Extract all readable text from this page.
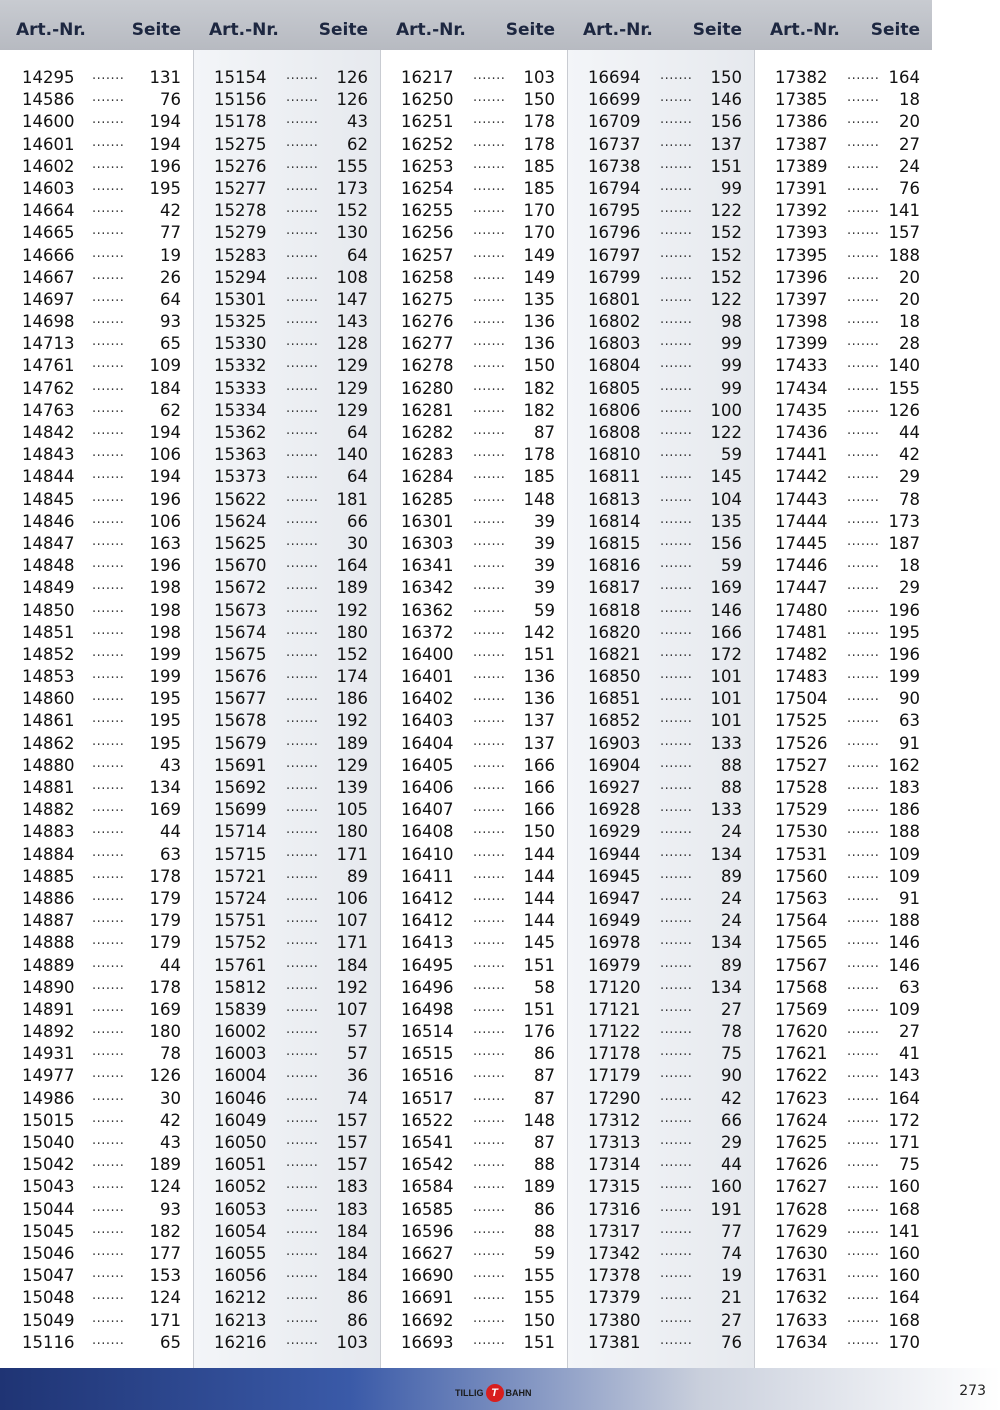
Art.-Nr.	Seite Art.-Nr. Seite Art.-Nr. Seite Art.-Nr. Seite Art.-Nr. Seite
14295 ....... 131
14586 ....... 76
14600 ....... 194
14601 ....... 194
14602 ....... 196
14603 ....... 195
14664 ....... 42
14665 ....... 77
14666 ....... 19
14667 ....... 26
14697 ....... 64
14698 ....... 93
14713 ....... 65
14761 ....... 109
14762 ....... 184
14763 ....... 62
14842 ....... 194
14843 ....... 106
14844 ....... 194
14845 ....... 196
14846 ....... 106
14847 ....... 163
14848 ....... 196
14849 ....... 198
14850 ....... 198
14851 ....... 198
14852 ....... 199
14853 ....... 199
14860 ....... 195
14861 ....... 195
14862 ....... 195
14880 ....... 43
14881 ....... 134
14882 ....... 169
14883 ....... 44
14884 ....... 63
14885 ....... 178
14886 ....... 179
14887 ....... 179
14888 ....... 179
14889 ....... 44
14890 ....... 178
14891 ....... 169
14892 ....... 180
14931 ....... 78
14977 ....... 126
14986 ....... 30
15015 ....... 42
15040 ....... 43
15042 ....... 189
15043 ....... 124
15044 ....... 93
15045 ....... 182
15046 ....... 177
15047 ....... 153
15048 ....... 124
15049 ....... 171
15116 ....... 65
15154 ....... 126
15156 ....... 126
15178 ....... 43
15275 ....... 62
15276 ....... 155
15277 ....... 173
15278 ....... 152
15279 ....... 130
15283 ....... 64
15294 ....... 108
15301 ....... 147
15325 ....... 143
15330 ....... 128
15332 ....... 129
15333 ....... 129
15334 ....... 129
15362 ....... 64
15363 ....... 140
15373 ....... 64
15622 ....... 181
15624 ....... 66
15625 ....... 30
15670 ....... 164
15672 ....... 189
15673 ....... 192
15674 ....... 180
15675 ....... 152
15676 ....... 174
15677 ....... 186
15678 ....... 192
15679 ....... 189
15691 ....... 129
15692 ....... 139
15699 ....... 105
15714 ....... 180
15715 ....... 171
15721 ....... 89
15724 ....... 106
15751 ....... 107
15752 ....... 171
15761 ....... 184
15812 ....... 192
15839 ....... 107
16002 ....... 57
16003 ....... 57
16004 ....... 36
16046 ....... 74
16049 ....... 157
16050 ....... 157
16051 ....... 157
16052 ....... 183
16053 ....... 183
16054 ....... 184
16055 ....... 184
16056 ....... 184
16212 ....... 86
16213 ....... 86
16216 ....... 103
16217 ....... 103
16250 ....... 150
16251 ....... 178
16252 ....... 178
16253 ....... 185
16254 ....... 185
16255 ....... 170
16256 ....... 170
16257 ....... 149
16258 ....... 149
16275 ....... 135
16276 ....... 136
16277 ....... 136
16278 ....... 150
16280 ....... 182
16281 ....... 182
16282 ....... 87
16283 ....... 178
16284 ....... 185
16285 ....... 148
16301 ....... 39
16303 ....... 39
16341 ....... 39
16342 ....... 39
16362 ....... 59
16372 ....... 142
16400 ....... 151
16401 ....... 136
16402 ....... 136
16403 ....... 137
16404 ....... 137
16405 ....... 166
16406 ....... 166
16407 ....... 166
16408 ....... 150
16410 ....... 144
16411 ....... 144
16412 ....... 144
16412 ....... 144
16413 ....... 145
16495 ....... 151
16496 ....... 58
16498 ....... 151
16514 ....... 176
16515 ....... 86
16516 ....... 87
16517 ....... 87
16522 ....... 148
16541 ....... 87
16542 ....... 88
16584 ....... 189
16585 ....... 86
16596 ....... 88
16627 ....... 59
16690 ....... 155
16691 ....... 155
16692 ....... 150
16693 ....... 151
16694 ....... 150
16699 ....... 146
16709 ....... 156
16737 ....... 137
16738 ....... 151
16794 ....... 99
16795 ....... 122
16796 ....... 152
16797 ....... 152
16799 ....... 152
16801 ....... 122
16802 ....... 98
16803 ....... 99
16804 ....... 99
16805 ....... 99
16806 ....... 100
16808 ....... 122
16810 ....... 59
16811 ....... 145
16813 ....... 104
16814 ....... 135
16815 ....... 156
16816 ....... 59
16817 ....... 169
16818 ....... 146
16820 ....... 166
16821 ....... 172
16850 ....... 101
16851 ....... 101
16852 ....... 101
16903 ....... 133
16904 ....... 88
16927 ....... 88
16928 ....... 133
16929 ....... 24
16944 ....... 134
16945 ....... 89
16947 ....... 24
16949 ....... 24
16978 ....... 134
16979 ....... 89
17120 ....... 134
17121 ....... 27
17122 ....... 78
17178 ....... 75
17179 ....... 90
17290 ....... 42
17312 ....... 66
17313 ....... 29
17314 ....... 44
17315 ....... 160
17316 ....... 191
17317 ....... 77
17342 ....... 74
17378 ....... 19
17379 ....... 21
17380 ....... 27
17381 ....... 76
17382 ....... 164
17385 ....... 18
17386 ....... 20
17387 ....... 27
17389 ....... 24
17391 ....... 76
17392 ....... 141
17393 ....... 157
17395 ....... 188
17396 ....... 20
17397 ....... 20
17398 ....... 18
17399 ....... 28
17433 ....... 140
17434 ....... 155
17435 ....... 126
17436 ....... 44
17441 ....... 42
17442 ....... 29
17443 ....... 78
17444 ....... 173
17445 ....... 187
17446 ....... 18
17447 ....... 29
17480 ....... 196
17481 ....... 195
17482 ....... 196
17483 ....... 199
17504 ....... 90
17525 ....... 63
17526 ....... 91
17527 ....... 162
17528 ....... 183
17529 ....... 186
17530 ....... 188
17531 ....... 109
17560 ....... 109
17563 ....... 91
17564 ....... 188
17565 ....... 146
17567 ....... 146
17568 ....... 63
17569 ....... 109
17620 ....... 27
17621 ....... 41
17622 ....... 143
17623 ....... 164
17624 ....... 172
17625 ....... 171
17626 ....... 75
17627 ....... 160
17628 ....... 168
17629 ....... 141
17630 ....... 160
17631 ....... 160
17632 ....... 164
17633 ....... 168
17634 ....... 170
TILLIG T BAHN	273
